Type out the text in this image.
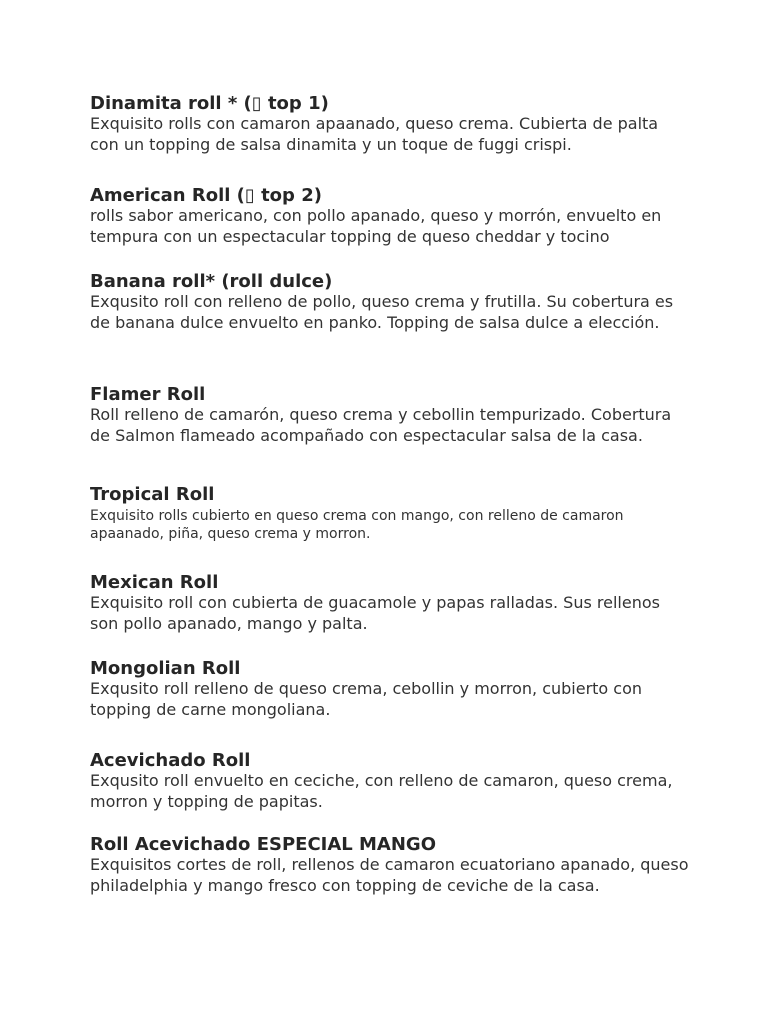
Dinamita roll * (▯ top 1)

Exquisito rolls con camaron apaanado, queso crema. Cubierta de palta con un topping de salsa dinamita y un toque de fuggi crispi.

American Roll (▯ top 2)

rolls sabor americano, con pollo apanado, queso y morrón, envuelto en tempura con un espectacular topping de queso cheddar y tocino

Banana roll* (roll dulce)

Exqusito roll con relleno de pollo, queso crema y frutilla. Su cobertura es de banana dulce envuelto en panko. Topping de salsa dulce a elección.

Flamer Roll

Roll relleno de camarón, queso crema y cebollin tempurizado. Cobertura de Salmon flameado acompañado con espectacular salsa de la casa.

Tropical Roll

Exquisito rolls cubierto en queso crema con mango, con relleno de camaron apaanado, piña, queso crema y morron.

Mexican Roll

Exquisito roll con cubierta de guacamole y papas ralladas. Sus rellenos son pollo apanado, mango y palta.

Mongolian Roll

Exqusito roll relleno de queso crema, cebollin y morron, cubierto con topping de carne mongoliana.

Acevichado Roll

Exqusito roll envuelto en ceciche, con relleno de camaron, queso crema, morron y topping de papitas.

Roll Acevichado ESPECIAL MANGO

Exquisitos cortes de roll, rellenos de camaron ecuatoriano apanado, queso philadelphia y mango fresco con topping de ceviche de la casa.
